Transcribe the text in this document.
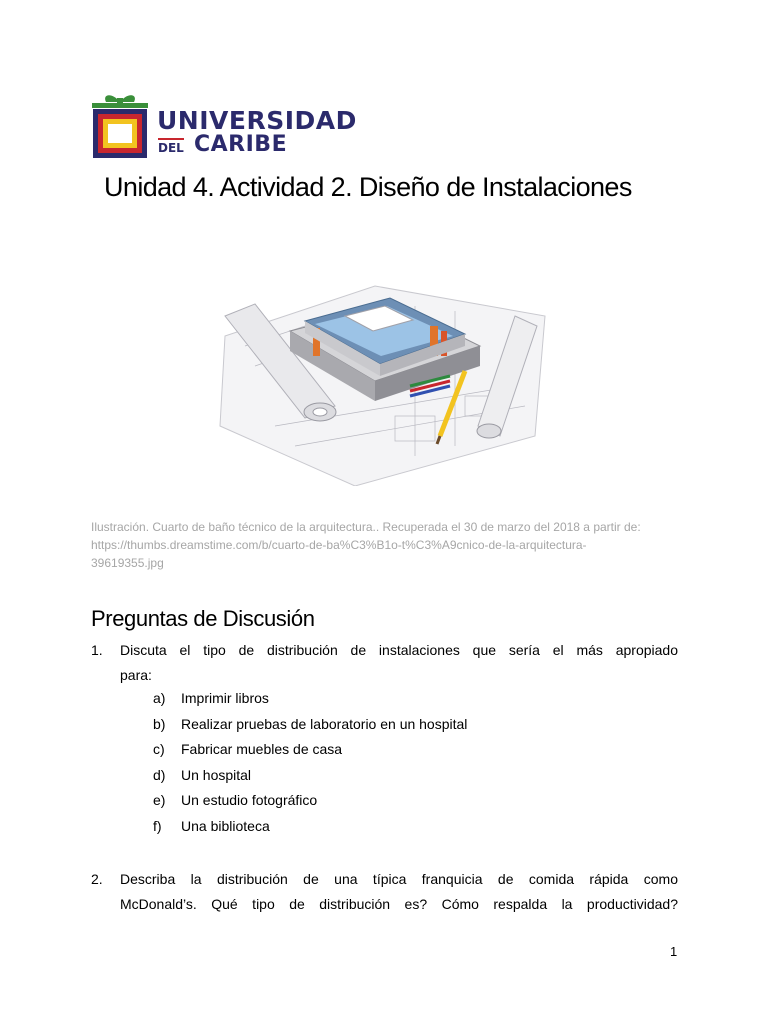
UNIVERSIDAD
DEL CARIBE
Unidad 4. Actividad 2. Diseño de Instalaciones
Ilustración. Cuarto de baño técnico de la arquitectura.. Recuperada el 30 de marzo del 2018 a partir de:
https://thumbs.dreamstime.com/b/cuarto-de-ba%C3%B1o-t%C3%A9cnico-de-la-arquitectura-
39619355.jpg
Preguntas de Discusión
1. Discuta el tipo de distribución de instalaciones que sería el más apropiado
para:
a) Imprimir libros
b) Realizar pruebas de laboratorio en un hospital
c) Fabricar muebles de casa
d) Un hospital
e) Un estudio fotográfico
f) Una biblioteca
2. Describa la distribución de una típica franquicia de comida rápida como
McDonald’s. Qué tipo de distribución es? Cómo respalda la productividad?
1
